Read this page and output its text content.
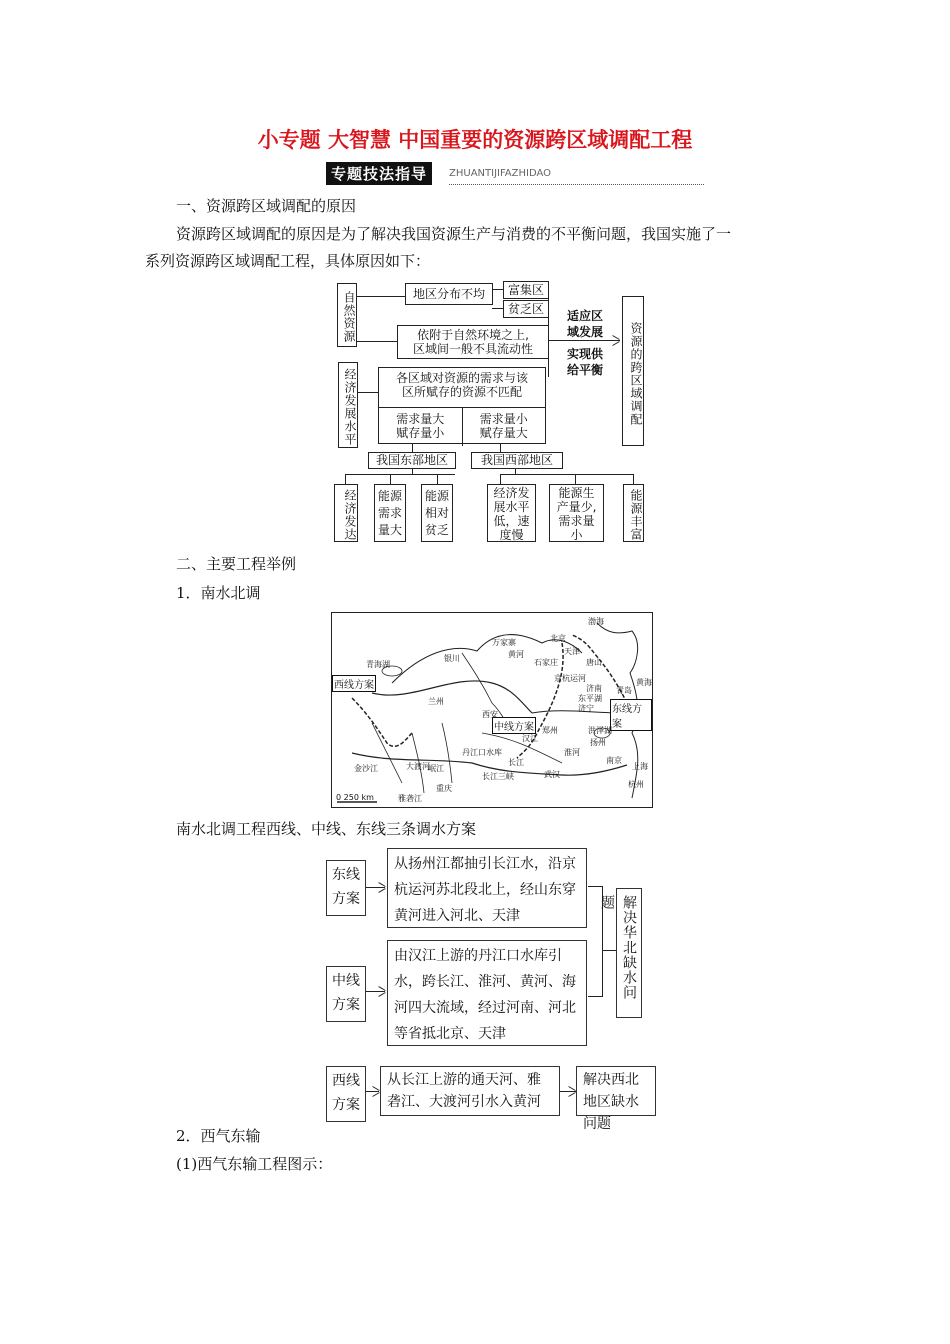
小专题 大智慧 中国重要的资源跨区域调配工程
专题技法指导	ZHUANTIJIFAZHIDAO
一、资源跨区域调配的原因
资源跨区域调配的原因是为了解决我国资源生产与消费的不平衡问题，我国实施了一
系列资源跨区域调配工程，具体原因如下：
自然资源	地区分布不均	富集区
贫乏区
依附于自然环境之上,
区域间一般不具流动性
适应区
域发展
实现供
给平衡	资源的跨区域调配
经济发展水平	各区域对资源的需求与该
区所赋存的资源不匹配
需求量大
赋存量小
需求量小
赋存量大
我国东部地区	我国西部地区
经济发达	能源需求量大
能源相对贫乏
经济发
展水平
低，速
度慢
能源生
产量少,
需求量
小	能源丰富
二、主要工程举例
1．南水北调
西线方案
中线方案
东线方案
0 250 km
青海湖
银川
兰州
西安
万家寨	北京
天津
石家庄	唐山
渤海
济南
东平湖
济宁
青岛
黄海
洪泽湖
扬州
南京
上海
杭州
郑州
武汉
丹江口水库
长江三峡
重庆
金沙江	大渡河
雅砻江
黄河
京杭运河
淮河
长江
汉江
岷江
南水北调工程西线、中线、东线三条调水方案
东线方案
从扬州江都抽引长江水，沿京杭运河苏北段北上，经山东穿黄河进入河北、天津
中线方案
由汉江上游的丹江口水库引水，跨长江、淮河、黄河、海河四大流域，经过河南、河北等省抵北京、天津
解决华北缺水问题
西线方案
从长江上游的通天河、雅砻江、大渡河引水入黄河
解决西北地区缺水问题
2．西气东输
(1)西气东输工程图示：
